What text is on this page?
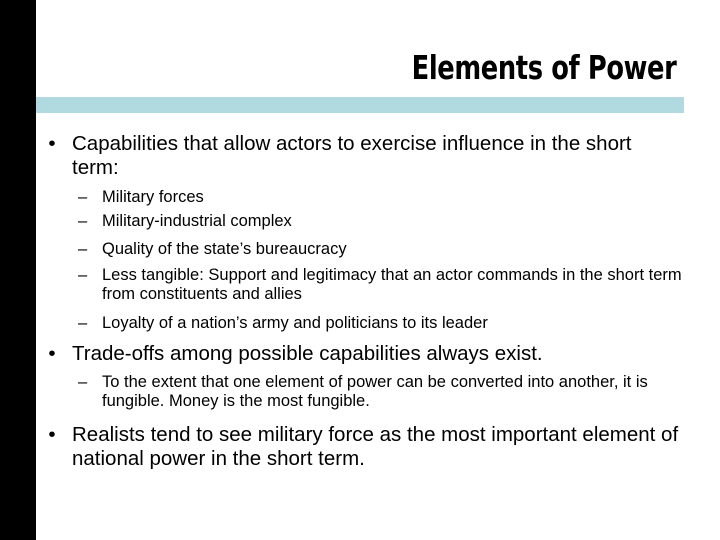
Elements of Power
• Capabilities that allow actors to exercise influence in the short term:
– Military forces
– Military-industrial complex
– Quality of the state’s bureaucracy
– Less tangible: Support and legitimacy that an actor commands in the short term from constituents and allies
– Loyalty of a nation’s army and politicians to its leader
• Trade-offs among possible capabilities always exist.
– To the extent that one element of power can be converted into another, it is fungible. Money is the most fungible.
• Realists tend to see military force as the most important element of national power in the short term.
